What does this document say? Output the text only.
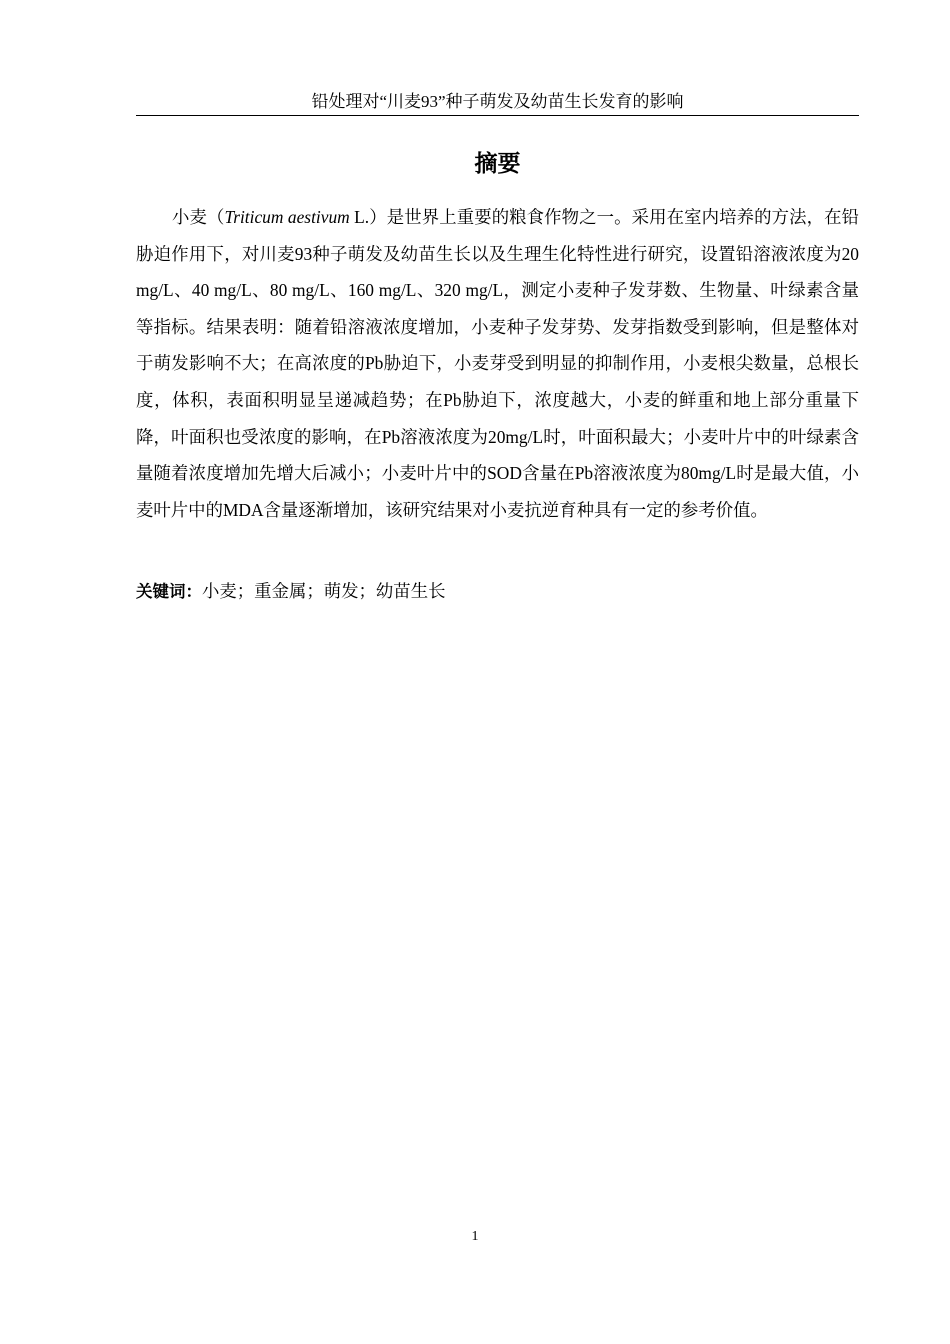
铅处理对“川麦93”种子萌发及幼苗生长发育的影响
摘要

小麦（Triticum aestivum L.）是世界上重要的粮食作物之一。采用在室内培养的方法，在铅胁迫作用下，对川麦93种子萌发及幼苗生长以及生理生化特性进行研究，设置铅溶液浓度为20 mg/L、40 mg/L、80 mg/L、160 mg/L、320 mg/L，测定小麦种子发芽数、生物量、叶绿素含量等指标。结果表明：随着铅溶液浓度增加，小麦种子发芽势、发芽指数受到影响，但是整体对于萌发影响不大；在高浓度的Pb胁迫下，小麦芽受到明显的抑制作用，小麦根尖数量，总根长度，体积，表面积明显呈递减趋势；在Pb胁迫下，浓度越大，小麦的鲜重和地上部分重量下降，叶面积也受浓度的影响，在Pb溶液浓度为20mg/L时，叶面积最大；小麦叶片中的叶绿素含量随着浓度增加先增大后减小；小麦叶片中的SOD含量在Pb溶液浓度为80mg/L时是最大值，小麦叶片中的MDA含量逐渐增加，该研究结果对小麦抗逆育种具有一定的参考价值。

关键词：小麦；重金属；萌发；幼苗生长

1
